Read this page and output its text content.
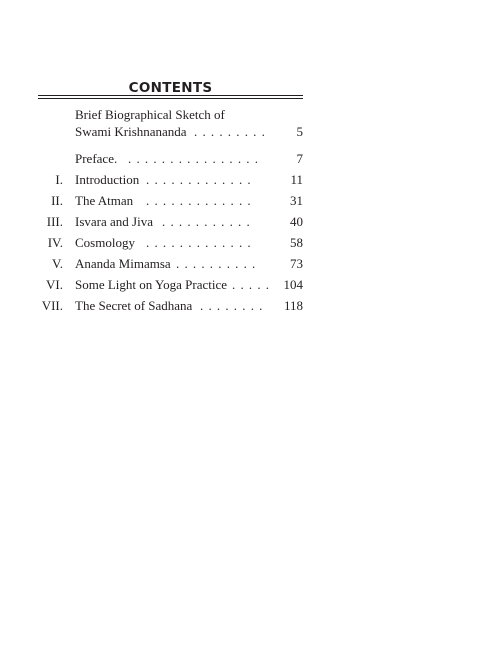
CONTENTS
Brief Biographical Sketch of
Swami Krishnananda .........	5
Preface. ................	7
I. Introduction .............	11
II. The Atman .............	31
III. Isvara and Jiva ...........	40
IV. Cosmology .............	58
V. Ananda Mimamsa ..........	73
VI. Some Light on Yoga Practice ..... 104
VII. The Secret of Sadhana ........	118
